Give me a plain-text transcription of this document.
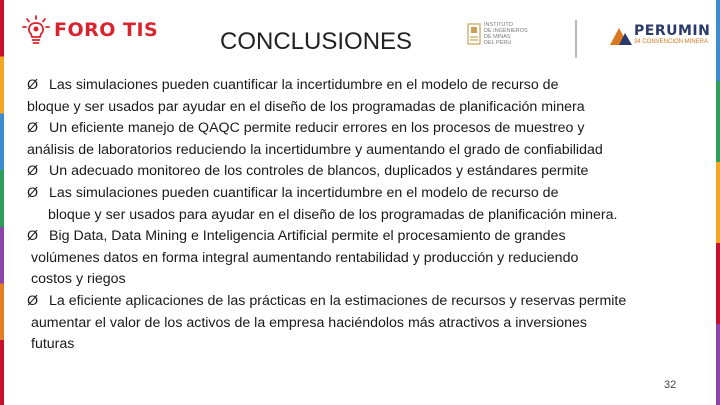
FORO TIS	CONCLUSIONES
INSTITUTO
DE INGENIEROS
DE MINAS
DEL PERU
PERUMIN
34 CONVENCION MINERA

Ø Las simulaciones pueden cuantificar la incertidumbre en el modelo de recurso de
bloque y ser usados par ayudar en el diseño de los programadas de planificación minera

Ø Un eficiente manejo de QAQC permite reducir errores en los procesos de muestreo y
análisis de laboratorios reduciendo la incertidumbre y aumentando el grado de confiabilidad

Ø Un adecuado monitoreo de los controles de blancos, duplicados y estándares permite

Ø Las simulaciones pueden cuantificar la incertidumbre en el modelo de recurso de
bloque y ser usados para ayudar en el diseño de los programadas de planificación minera.

Ø Big Data, Data Mining e Inteligencia Artificial permite el procesamiento de grandes
volúmenes datos en forma integral aumentando rentabilidad y producción y reduciendo
costos y riegos

Ø La eficiente aplicaciones de las prácticas en la estimaciones de recursos y reservas permite
aumentar el valor de los activos de la empresa haciéndolos más atractivos a inversiones
futuras

32
